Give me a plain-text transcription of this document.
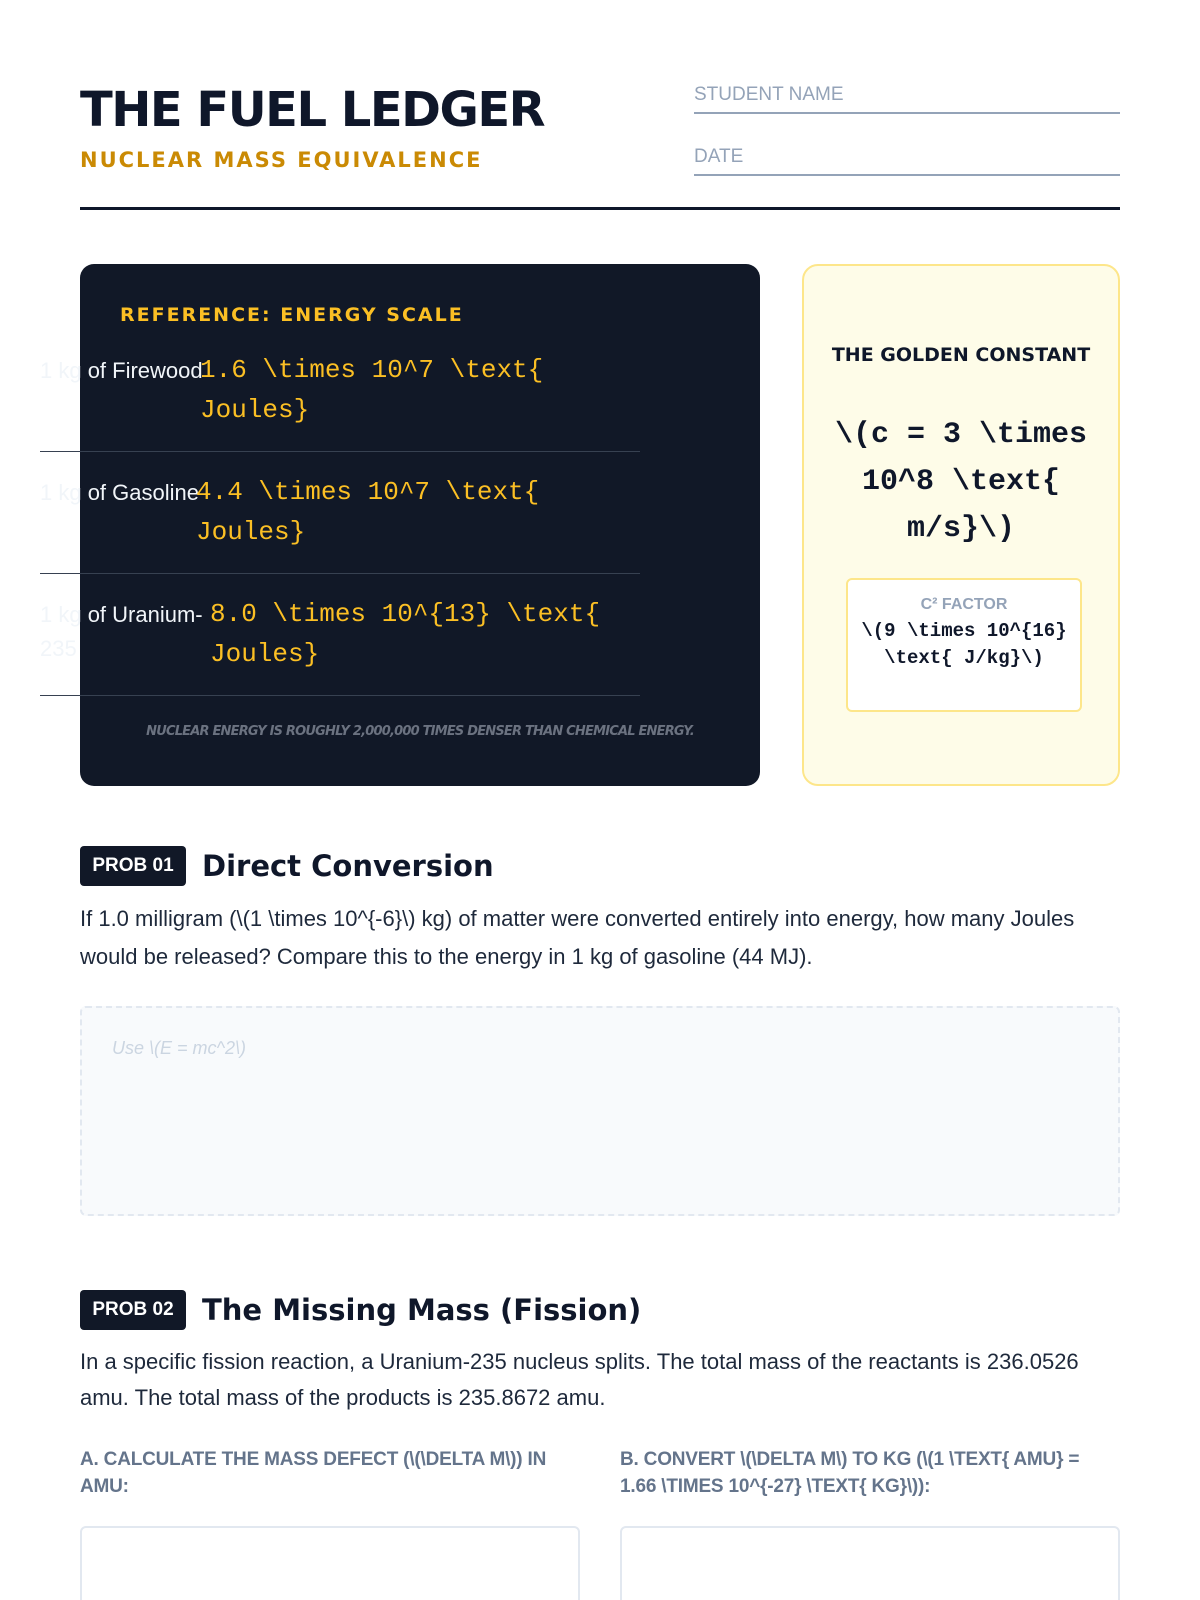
THE FUEL LEDGER
NUCLEAR MASS EQUIVALENCE
STUDENT NAME
DATE
REFERENCE: ENERGY SCALE
NUCLEAR ENERGY IS ROUGHLY 2,000,000 TIMES DENSER THAN CHEMICAL ENERGY.
1 kg of Firewood
1.6 \times 10^7 \text{ Joules}
1 kg of Gasoline
4.4 \times 10^7 \text{ Joules}
1 kg of Uranium-235
8.0 \times 10^{13} \text{ Joules}
THE GOLDEN CONSTANT
\(c = 3 \times 10^8 \text{ m/s}\)
C² FACTOR
\(9 \times 10^{16} \text{ J/kg}\)
PROB 01 Direct Conversion
If 1.0 milligram (\(1 \times 10^{-6}\) kg) of matter were converted entirely into energy, how many Joules would be released? Compare this to the energy in 1 kg of gasoline (44 MJ).
Use \(E = mc^2\)
PROB 02 The Missing Mass (Fission)
In a specific fission reaction, a Uranium-235 nucleus splits. The total mass of the reactants is 236.0526 amu. The total mass of the products is 235.8672 amu.
A. CALCULATE THE MASS DEFECT (\(\DELTA M\)) IN AMU:
B. CONVERT \(\DELTA M\) TO KG (\(1 \TEXT{ AMU} = 1.66 \TIMES 10^{-27} \TEXT{ KG}\)):
